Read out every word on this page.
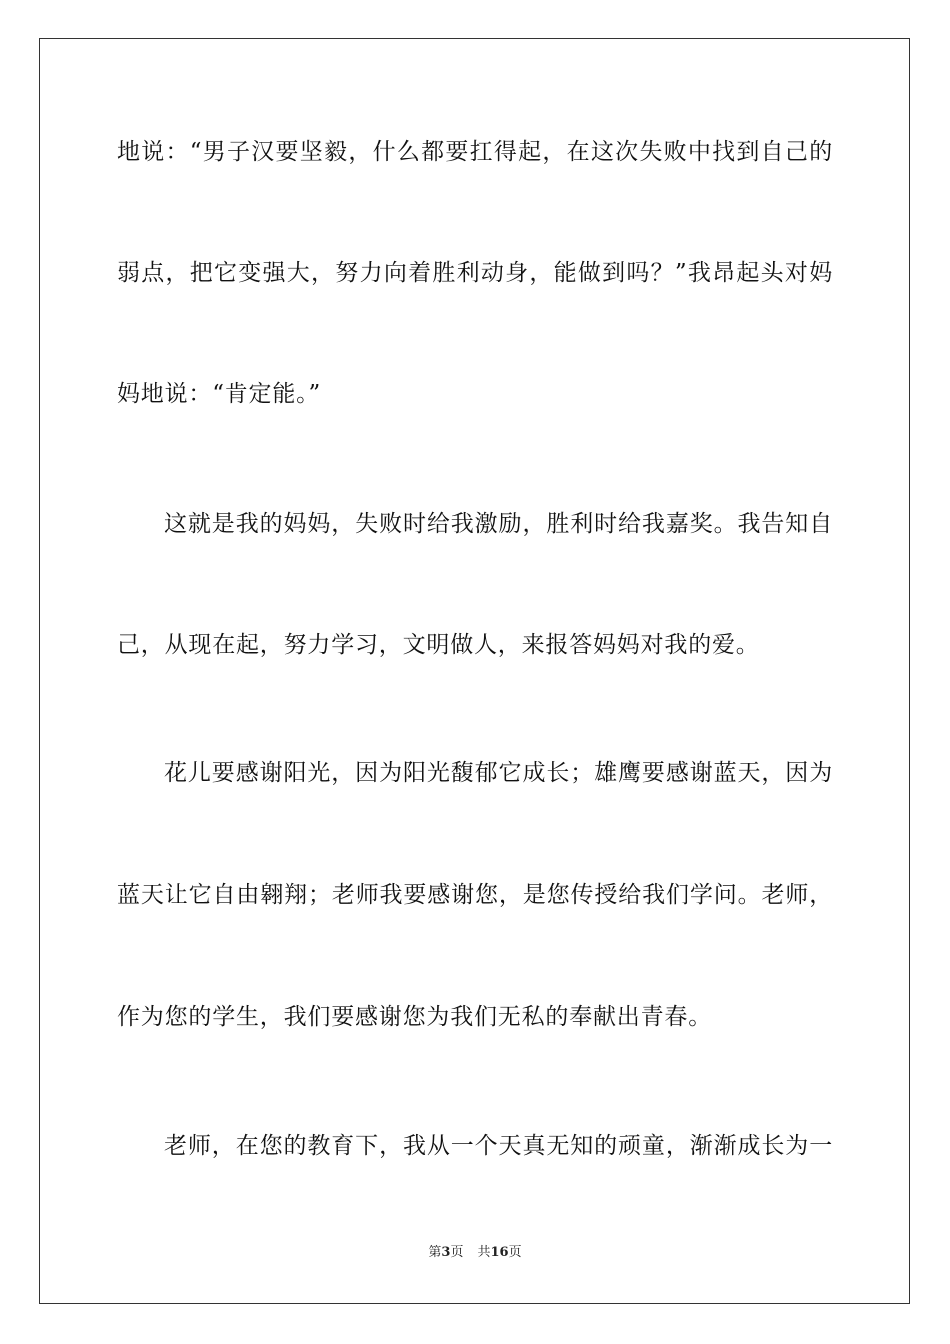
地说：“男子汉要坚毅，什么都要扛得起，在这次失败中找到自己的
弱点，把它变强大，努力向着胜利动身，能做到吗？”我昂起头对妈
妈地说：“肯定能。”
这就是我的妈妈，失败时给我激励，胜利时给我嘉奖。我告知自
己，从现在起，努力学习，文明做人，来报答妈妈对我的爱。
花儿要感谢阳光，因为阳光馥郁它成长；雄鹰要感谢蓝天，因为
蓝天让它自由翱翔；老师我要感谢您，是您传授给我们学问。老师，
作为您的学生，我们要感谢您为我们无私的奉献出青春。
老师，在您的教育下，我从一个天真无知的顽童，渐渐成长为一
第3页 共16页
